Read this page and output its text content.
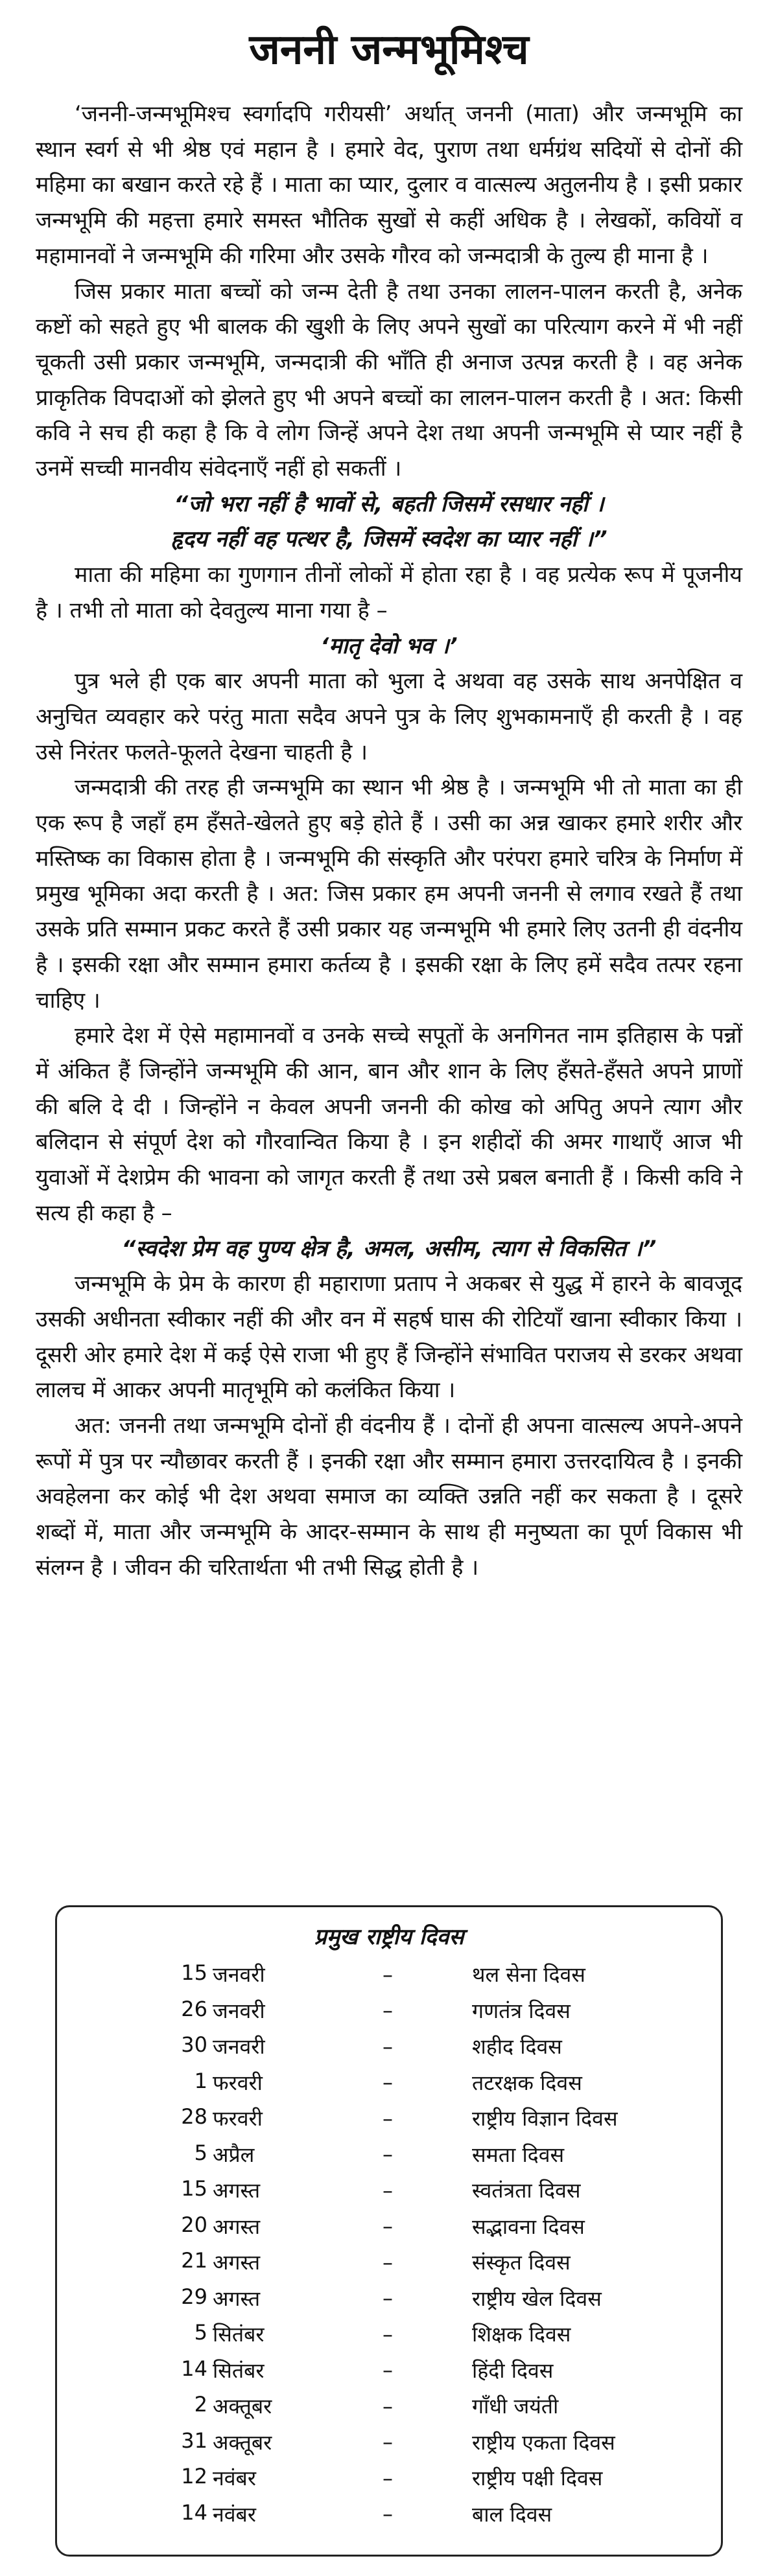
जननी जन्मभूमिश्च

‘जननी-जन्मभूमिश्च स्वर्गादपि गरीयसी’ अर्थात् जननी (माता) और जन्मभूमि का स्थान स्वर्ग से भी श्रेष्ठ एवं महान है । हमारे वेद, पुराण तथा धर्मग्रंथ सदियों से दोनों की महिमा का बखान करते रहे हैं । माता का प्यार, दुलार व वात्सल्य अतुलनीय है । इसी प्रकार जन्मभूमि की महत्ता हमारे समस्त भौतिक सुखों से कहीं अधिक है । लेखकों, कवियों व महामानवों ने जन्मभूमि की गरिमा और उसके गौरव को जन्मदात्री के तुल्य ही माना है ।

जिस प्रकार माता बच्चों को जन्म देती है तथा उनका लालन-पालन करती है, अनेक कष्टों को सहते हुए भी बालक की खुशी के लिए अपने सुखों का परित्याग करने में भी नहीं चूकती उसी प्रकार जन्मभूमि, जन्मदात्री की भाँति ही अनाज उत्पन्न करती है । वह अनेक प्राकृतिक विपदाओं को झेलते हुए भी अपने बच्चों का लालन-पालन करती है । अत: किसी कवि ने सच ही कहा है कि वे लोग जिन्हें अपने देश तथा अपनी जन्मभूमि से प्यार नहीं है उनमें सच्ची मानवीय संवेदनाएँ नहीं हो सकतीं ।

“जो भरा नहीं है भावों से, बहती जिसमें रसधार नहीं ।
हृदय नहीं वह पत्थर है, जिसमें स्वदेश का प्यार नहीं ।”

माता की महिमा का गुणगान तीनों लोकों में होता रहा है । वह प्रत्येक रूप में पूजनीय है । तभी तो माता को देवतुल्य माना गया है –

‘मातृ देवो भव ।’

पुत्र भले ही एक बार अपनी माता को भुला दे अथवा वह उसके साथ अनपेक्षित व अनुचित व्यवहार करे परंतु माता सदैव अपने पुत्र के लिए शुभकामनाएँ ही करती है । वह उसे निरंतर फलते-फूलते देखना चाहती है ।

जन्मदात्री की तरह ही जन्मभूमि का स्थान भी श्रेष्ठ है । जन्मभूमि भी तो माता का ही एक रूप है जहाँ हम हँसते-खेलते हुए बड़े होते हैं । उसी का अन्न खाकर हमारे शरीर और मस्तिष्क का विकास होता है । जन्मभूमि की संस्कृति और परंपरा हमारे चरित्र के निर्माण में प्रमुख भूमिका अदा करती है । अत: जिस प्रकार हम अपनी जननी से लगाव रखते हैं तथा उसके प्रति सम्मान प्रकट करते हैं उसी प्रकार यह जन्मभूमि भी हमारे लिए उतनी ही वंदनीय है । इसकी रक्षा और सम्मान हमारा कर्तव्य है । इसकी रक्षा के लिए हमें सदैव तत्पर रहना चाहिए ।

हमारे देश में ऐसे महामानवों व उनके सच्चे सपूतों के अनगिनत नाम इतिहास के पन्नों में अंकित हैं जिन्होंने जन्मभूमि की आन, बान और शान के लिए हँसते-हँसते अपने प्राणों की बलि दे दी । जिन्होंने न केवल अपनी जननी की कोख को अपितु अपने त्याग और बलिदान से संपूर्ण देश को गौरवान्वित किया है । इन शहीदों की अमर गाथाएँ आज भी युवाओं में देशप्रेम की भावना को जागृत करती हैं तथा उसे प्रबल बनाती हैं । किसी कवि ने सत्य ही कहा है –

“स्वदेश प्रेम वह पुण्य क्षेत्र है, अमल, असीम, त्याग से विकसित ।”

जन्मभूमि के प्रेम के कारण ही महाराणा प्रताप ने अकबर से युद्ध में हारने के बावजूद उसकी अधीनता स्वीकार नहीं की और वन में सहर्ष घास की रोटियाँ खाना स्वीकार किया । दूसरी ओर हमारे देश में कई ऐसे राजा भी हुए हैं जिन्होंने संभावित पराजय से डरकर अथवा लालच में आकर अपनी मातृभूमि को कलंकित किया ।

अत: जननी तथा जन्मभूमि दोनों ही वंदनीय हैं । दोनों ही अपना वात्सल्य अपने-अपने रूपों में पुत्र पर न्यौछावर करती हैं । इनकी रक्षा और सम्मान हमारा उत्तरदायित्व है । इनकी अवहेलना कर कोई भी देश अथवा समाज का व्यक्ति उन्नति नहीं कर सकता है । दूसरे शब्दों में, माता और जन्मभूमि के आदर-सम्मान के साथ ही मनुष्यता का पूर्ण विकास भी संलग्न है । जीवन की चरितार्थता भी तभी सिद्ध होती है ।

प्रमुख राष्ट्रीय दिवस
15 जनवरी	–	थल सेना दिवस
26 जनवरी	–	गणतंत्र दिवस
30 जनवरी	–	शहीद दिवस
1 फरवरी	–	तटरक्षक दिवस
28 फरवरी	–	राष्ट्रीय विज्ञान दिवस
5 अप्रैल	–	समता दिवस
15 अगस्त	–	स्वतंत्रता दिवस
20 अगस्त	–	सद्भावना दिवस
21 अगस्त	–	संस्कृत दिवस
29 अगस्त	–	राष्ट्रीय खेल दिवस
5 सितंबर	–	शिक्षक दिवस
14 सितंबर	–	हिंदी दिवस
2 अक्तूबर	–	गाँधी जयंती
31 अक्तूबर	–	राष्ट्रीय एकता दिवस
12 नवंबर	–	राष्ट्रीय पक्षी दिवस
14 नवंबर	–	बाल दिवस
